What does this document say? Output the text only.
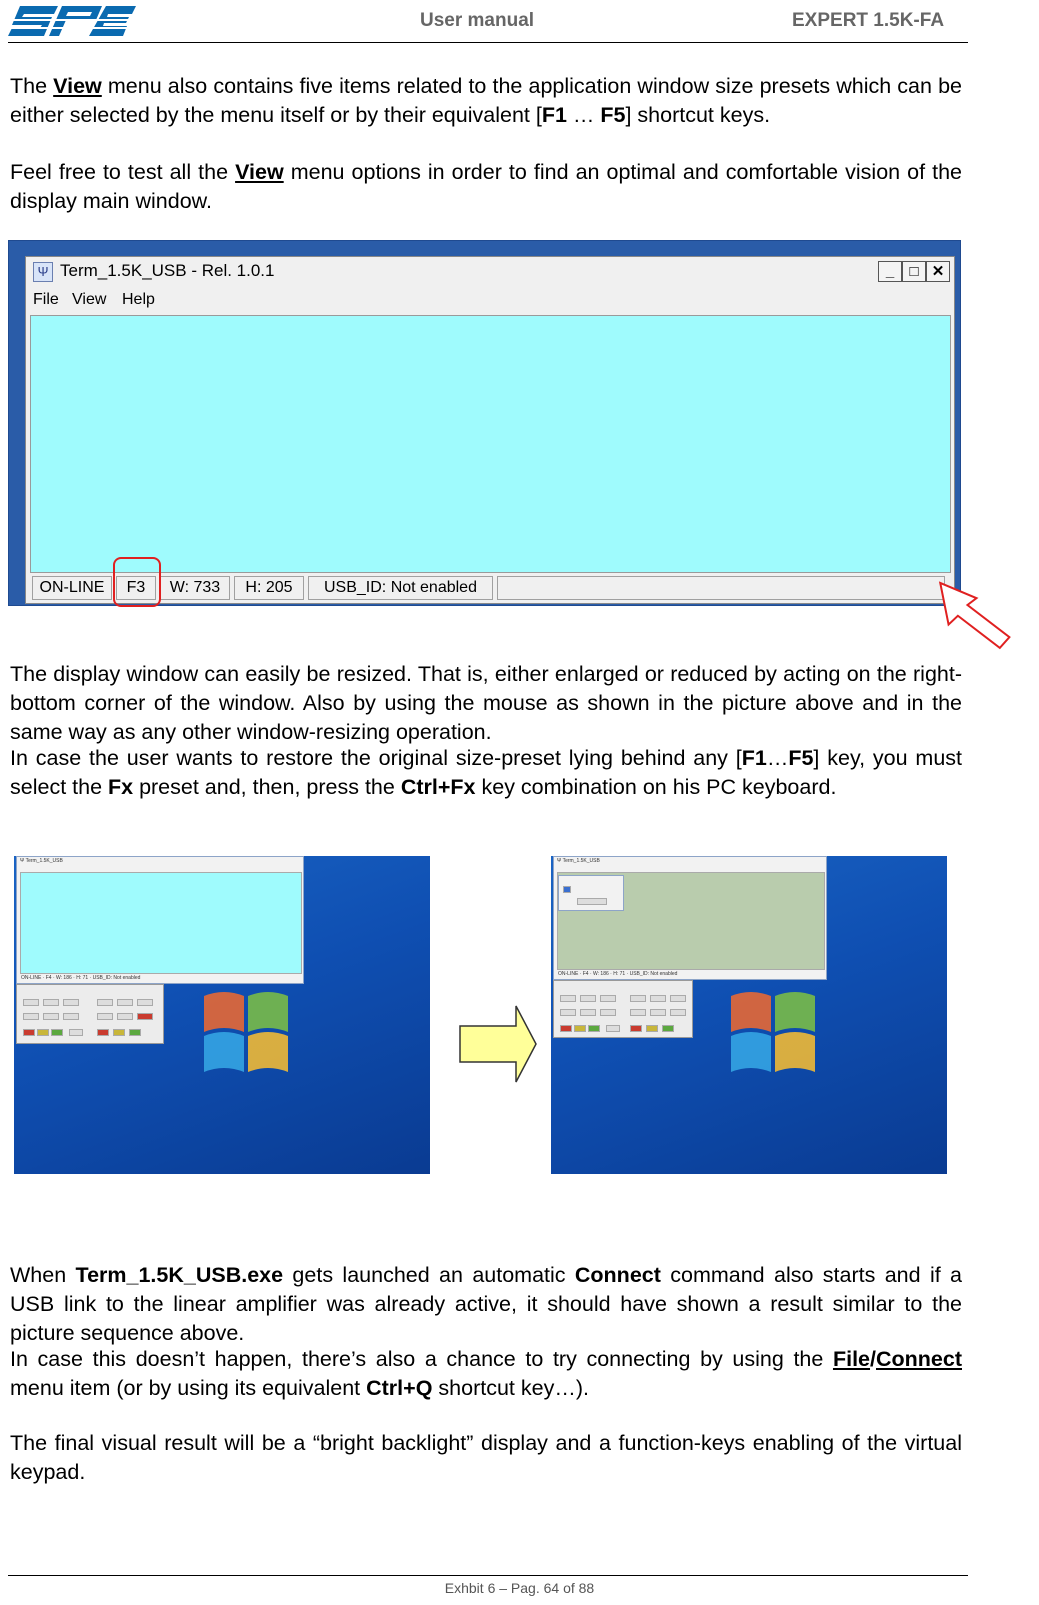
User manual	EXPERT 1.5K-FA
The View menu also contains five items related to the application window size presets which can be either selected by the menu itself or by their equivalent [F1 … F5] shortcut keys.
Feel free to test all the View menu options in order to find an optimal and comfortable vision of the display main window.
Ψ Term_1.5K_USB - Rel. 1.0.1	_	□ ✕
File View Help
ON-LINE	F3	W: 733	H: 205	USB_ID: Not enabled
The display window can easily be resized. That is, either enlarged or reduced by acting on the right-bottom corner of the window. Also by using the mouse as shown in the picture above and in the same way as any other window-resizing operation.
In case the user wants to restore the original size-preset lying behind any [F1…F5] key, you must select the Fx preset and, then, press the Ctrl+Fx key combination on his PC keyboard.
Ψ Term_1.5K_USB
ON-LINE · F4 · W: 186 · H: 71 · USB_ID: Not enabled
Ψ Term_1.5K_USB
ON-LINE · F4 · W: 186 · H: 71 · USB_ID: Not enabled
When Term_1.5K_USB.exe gets launched an automatic Connect command also starts and if a USB link to the linear amplifier was already active, it should have shown a result similar to the picture sequence above.
In case this doesn’t happen, there’s also a chance to try connecting by using the File/Connect menu item (or by using its equivalent Ctrl+Q shortcut key…).
The final visual result will be a “bright backlight” display and a function-keys enabling of the virtual keypad.
Exhbit 6 – Pag. 64 of 88
